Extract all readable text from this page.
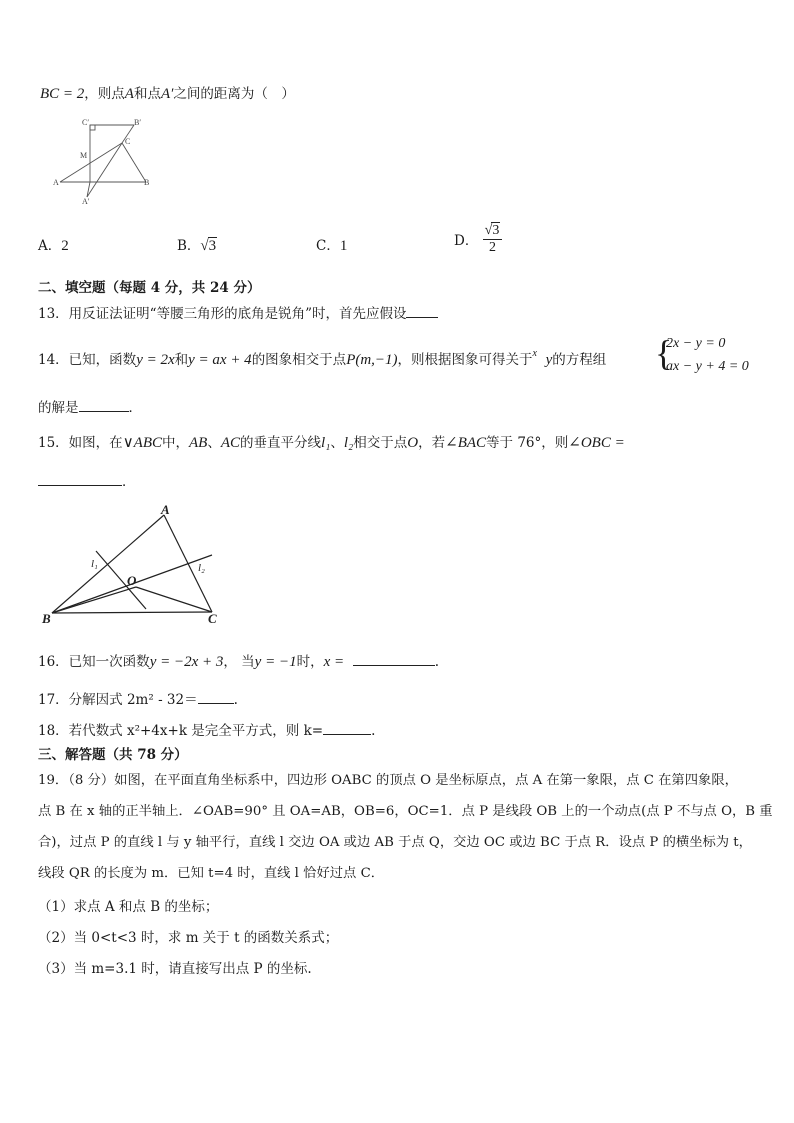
BC = 2，则点A和点A′之间的距离为（　）
C′	B′
C
M
A	B
A′
A．2	B．√3	C．1	D． $\frac{√3}{2}$
二、填空题（每题 4 分，共 24 分）
13．用反证法证明“等腰三角形的底角是锐角”时，首先应假设
14．已知，函数y = 2x和y = ax + 4的图象相交于点P(m,−1)，则根据图象可得关于$^x$ y的方程组 {
2x − y = 0
ax − y + 4 = 0
的解是	．
15．如图，在∨ABC中，AB、AC的垂直平分线l₁、l₂相交于点O，若∠BAC等于 76°，则∠OBC =
．
A
B	C
O
l₁	l₂
16．已知一次函数y = −2x + 3， 当y = −1时，x =	.
17．分解因式 2m² - 32＝	.
18．若代数式 x²+4x+k 是完全平方式，则 k=	.
三、解答题（共 78 分）
19．（8 分）如图，在平面直角坐标系中，四边形 OABC 的顶点 O 是坐标原点，点 A 在第一象限，点 C 在第四象限，
点 B 在 x 轴的正半轴上．∠OAB=90° 且 OA=AB，OB=6，OC=1．点 P 是线段 OB 上的一个动点(点 P 不与点 O，B 重
合)，过点 P 的直线 l 与 y 轴平行，直线 l 交边 OA 或边 AB 于点 Q，交边 OC 或边 BC 于点 R．设点 P 的横坐标为 t，
线段 QR 的长度为 m．已知 t=4 时，直线 l 恰好过点 C．
（1）求点 A 和点 B 的坐标；
（2）当 0<t<3 时，求 m 关于 t 的函数关系式；
（3）当 m=3.1 时，请直接写出点 P 的坐标.
